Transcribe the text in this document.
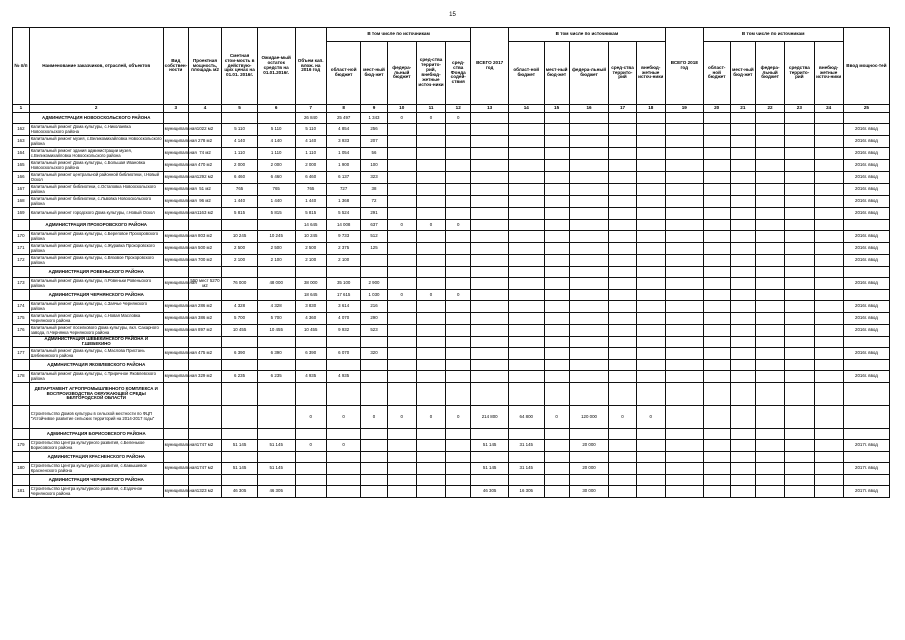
15
№ п/п	Наименование заказчиков, отраслей, объектов	Вид собствен-ности	Проектная мощность, площадь м2	Сметная стои-мость в действую-щих ценах на 01.01. 2016г.	Ожидае-мый остаток средств на 01.01.2016г.	Объем кап. влож. на 2016 год	В том числе по источникам					ВСЕГО 2017 год	В том числе по источникам					ВСЕГО 2018 год	В том числе по источникам					Ввод мощнос-тей
							област-ной бюджет	мест-ный бюд-жет	федера-льный бюджет	сред-ства террито-рий, внебюд-жетные источ-ники	сред-ства Фонда содей-ствия		област-ной бюджет	мест-ный бюд-жет	федера-льный бюджет	сред-ства террито-рий	внебюд-жетные источ-ники		област-ной бюджет	мест-ный бюд-жет	федера-льный бюджет	средства террито-рий	внебюд-жетные источ-ники	
1	2	3	4	5	6	7	8	9	10	11	12	13	14	15	16	17	18	19	20	21	22	23	24	25
	АДМИНИСТРАЦИЯ НОВООСКОЛЬСКОГО РАЙОНА					26 840	25 497	1 343	0	0	0													
162	Капитальный ремонт Дома культуры, с.Николаевка Новооскольского района	муниципальная	1022 м2	5 110	5 110	5 110	4 854	256																2016г. ввод
163	Капитальный ремонт музея, с.Великомихайловка Новооскольского района	муниципальная	278 м2	4 140	4 140	4 140	3 933	207																2016г. ввод
164	Капитальный ремонт здания администрации музея, с.Великомихайловка Новооскольского района	муниципальная	74 м2	1 110	1 110	1 110	1 054	56																2016г. ввод
165	Капитальный ремонт Дома культуры, с.Большая Ивановка Новооскольского района	муниципальная	470 м2	2 000	2 000	2 000	1 900	100																2016г. ввод
166	Капитальный ремонт центральной районной библиотеки, г.Новый Оскол	муниципальная	1292 м2	6 460	6 460	6 460	6 137	323																2016г. ввод
167	Капитальный ремонт библиотеки, с.Остаповка Новооскольского района	муниципальная	51 м2	765	765	765	727	38																2016г. ввод
168	Капитальный ремонт библиотеки, с.Львовка Новооскольского района	муниципальная	96 м2	1 440	1 440	1 440	1 368	72																2016г. ввод
169	Капитальный ремонт городского Дома культуры, г.Новый Оскол	муниципальная	1163 м2	5 815	5 815	5 815	5 524	291																2016г. ввод
	АДМИНИСТРАЦИЯ ПРОХОРОВСКОГО РАЙОНА					14 645	14 008	637	0	0	0													
170	Капитальный ремонт Дома культуры, с.Береговое Прохоровского района	муниципальная	803 м2	10 245	10 245	10 245	9 733	512																2016г. ввод
171	Капитальный ремонт Дома культуры, с.Журавка Прохоровского района	муниципальная	500 м2	2 500	2 500	2 500	2 375	125																2016г. ввод
172	Капитальный ремонт Дома культуры, с.Вязовое Прохоровского района	муниципальная	700 м2	2 100	2 100	2 100	2 100																	2016г. ввод
	АДМИНИСТРАЦИЯ РОВЕНЬСКОГО РАЙОНА																							
173	Капитальный ремонт Дома культуры, п.Ровеньки Ровеньского района	муниципальная	550 мест 5270 м2	76 000	48 000	38 000	35 100	2 900																2016г. ввод
	АДМИНИСТРАЦИЯ ЧЕРНЯНСКОГО РАЙОНА					18 645	17 615	1 030	0	0	0													
174	Капитальный ремонт Дома культуры, с.Заячье Чернянского района	муниципальная	286 м2	4 328	4 328	3 830	3 614	216																2016г. ввод
175	Капитальный ремонт Дома культуры, с.Новая Масловка Чернянского района	муниципальная	386 м2	5 700	5 700	4 360	4 070	290																2016г. ввод
176	Капитальный ремонт поселкового Дома культуры, вкл. Сахарного завода, п.Чернянка Чернянского района	муниципальная	897 м2	10 455	10 455	10 455	9 932	523																2016г. ввод
	АДМИНИСТРАЦИЯ ШЕБЕКИНСКОГО РАЙОНА И Г.ШЕБЕКИНО																							
177	Капитальный ремонт Дома культуры, с.Маслова Пристань Шебекинского района	муниципальная	475 м2	6 390	6 390	6 390	6 070	320																2016г. ввод
	АДМИНИСТРАЦИЯ ЯКОВЛЕВСКОГО РАЙОНА																							
178	Капитальный ремонт Дома культуры, с.Триречное Яковлевского района	муниципальная	329 м2	6 235	6 235	4 935	4 935																	2016г. ввод
	ДЕПАРТАМЕНТ АГРОПРОМЫШЛЕННОГО КОМПЛЕКСА И ВОСПРОИЗВОДСТВА ОКРУЖАЮЩЕЙ СРЕДЫ БЕЛГОРОДСКОЙ ОБЛАСТИ																							
	Строительство Домов культуры в сельской местности по ФЦП "Устойчивое развитие сельских территорий на 2014-2017 годы"					0	0	0	0	0	0	214 800	64 800	0	120 000	0	0							
	АДМИНИСТРАЦИЯ БОРИСОВСКОГО РАЙОНА																							
179	Строительство Центра культурного развития, с.Беленькое Борисовского района	муниципальная	1747 м2	51 145	51 145	0	0					51 145	31 145		20 000									2017г. ввод
	АДМИНИСТРАЦИЯ КРАСНЕНСКОГО РАЙОНА																							
180	Строительство Центра культурного развития, с.Камышевое Красненского района	муниципальная	1747 м2	51 145	51 145							51 145	31 145		20 000									2017г. ввод
	АДМИНИСТРАЦИЯ ЧЕРНЯНСКОГО РАЙОНА																							
181	Строительство Центра культурного развития, с.Ездочное Чернянского района	муниципальная	1323 м2	46 305	46 305							46 305	16 305		30 000									2017г. ввод
